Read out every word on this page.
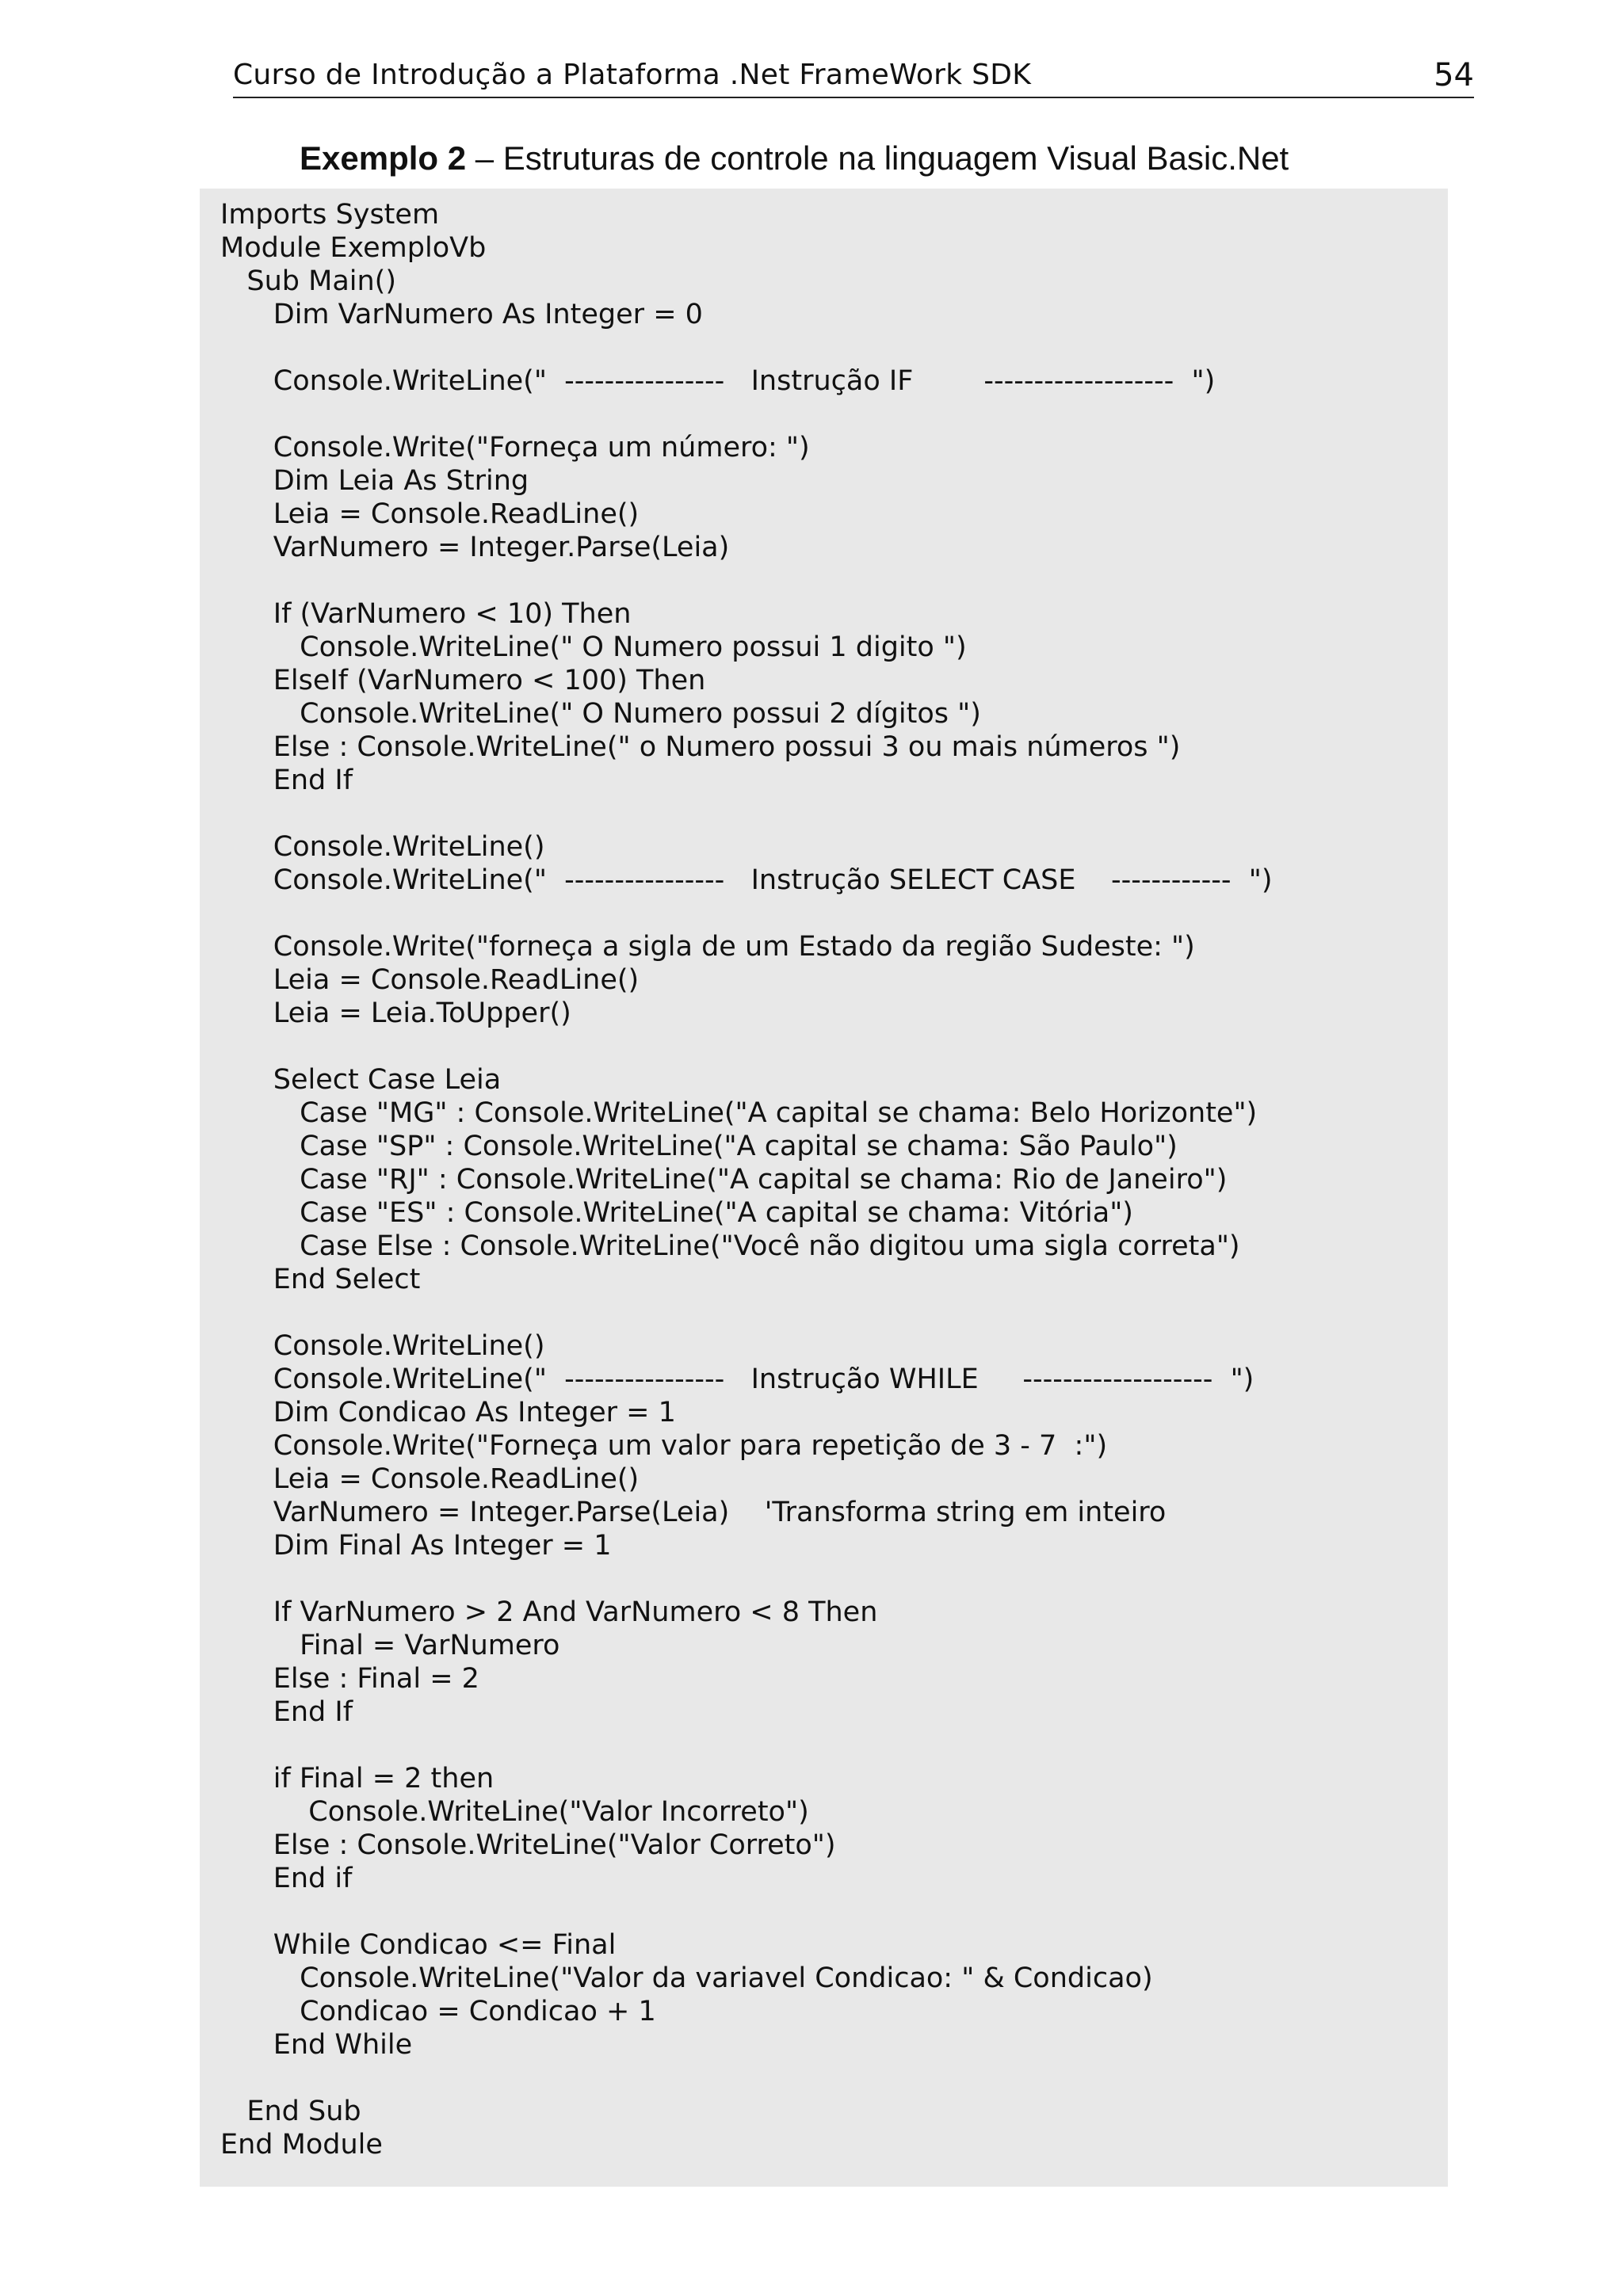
Curso de Introdução a Plataforma .Net FrameWork SDK	54
Exemplo 2 – Estruturas de controle na linguagem Visual Basic.Net
Imports System
Module ExemploVb
Sub Main()
Dim VarNumero As Integer = 0
Console.WriteLine("  ----------------   Instrução IF        -------------------  ")
Console.Write("Forneça um número: ")
Dim Leia As String
Leia = Console.ReadLine()
VarNumero = Integer.Parse(Leia)
If (VarNumero < 10) Then
Console.WriteLine(" O Numero possui 1 digito ")
ElseIf (VarNumero < 100) Then
Console.WriteLine(" O Numero possui 2 dígitos ")
Else : Console.WriteLine(" o Numero possui 3 ou mais números ")
End If
Console.WriteLine()
Console.WriteLine("  ----------------   Instrução SELECT CASE    ------------  ")
Console.Write("forneça a sigla de um Estado da região Sudeste: ")
Leia = Console.ReadLine()
Leia = Leia.ToUpper()
Select Case Leia
Case "MG" : Console.WriteLine("A capital se chama: Belo Horizonte")
Case "SP" : Console.WriteLine("A capital se chama: São Paulo")
Case "RJ" : Console.WriteLine("A capital se chama: Rio de Janeiro")
Case "ES" : Console.WriteLine("A capital se chama: Vitória")
Case Else : Console.WriteLine("Você não digitou uma sigla correta")
End Select
Console.WriteLine()
Console.WriteLine("  ----------------   Instrução WHILE     -------------------  ")
Dim Condicao As Integer = 1
Console.Write("Forneça um valor para repetição de 3 - 7  :")
Leia = Console.ReadLine()
VarNumero = Integer.Parse(Leia)    'Transforma string em inteiro
Dim Final As Integer = 1
If VarNumero > 2 And VarNumero < 8 Then
Final = VarNumero
Else : Final = 2
End If
if Final = 2 then
Console.WriteLine("Valor Incorreto")
Else : Console.WriteLine("Valor Correto")
End if
While Condicao <= Final
Console.WriteLine("Valor da variavel Condicao: " & Condicao)
Condicao = Condicao + 1
End While
End Sub
End Module
